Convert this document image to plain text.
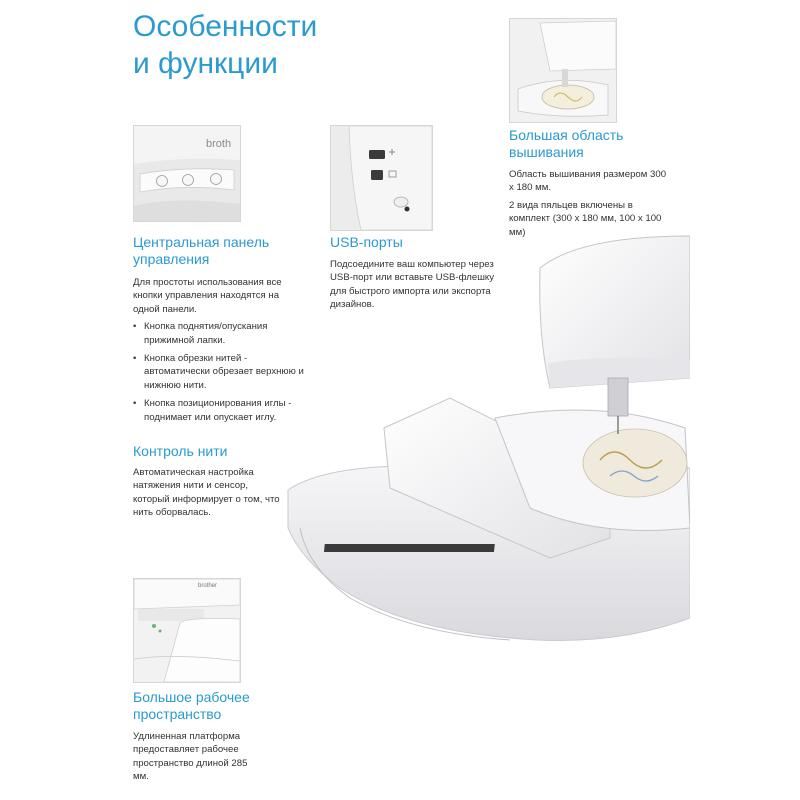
Особенности
и функции
broth
brother
Центральная панель
управления

Для простоты использования все кнопки управления находятся на одной панели.

• Кнопка поднятия/опускания прижимной лапки.
• Кнопка обрезки нитей - автоматически обрезает верхнюю и нижнюю нити.
• Кнопка позиционирования иглы - поднимает или опускает иглу.
USB-порты
Подсоедините ваш компьютер через USB-порт или вставьте USB-флешку для быстрого импорта или экспорта дизайнов.
Большая область
вышивания

Область вышивания размером 300 х 180 мм.

2 вида пяльцев включены в комплект (300 х 180 мм, 100 х 100 мм)

Контроль нити
Автоматическая настройка натяжения нити и сенсор, который информирует о том, что нить оборвалась.
Большое рабочее
пространство
Удлиненная платформа предоставляет рабочее пространство длиной 285 мм.
